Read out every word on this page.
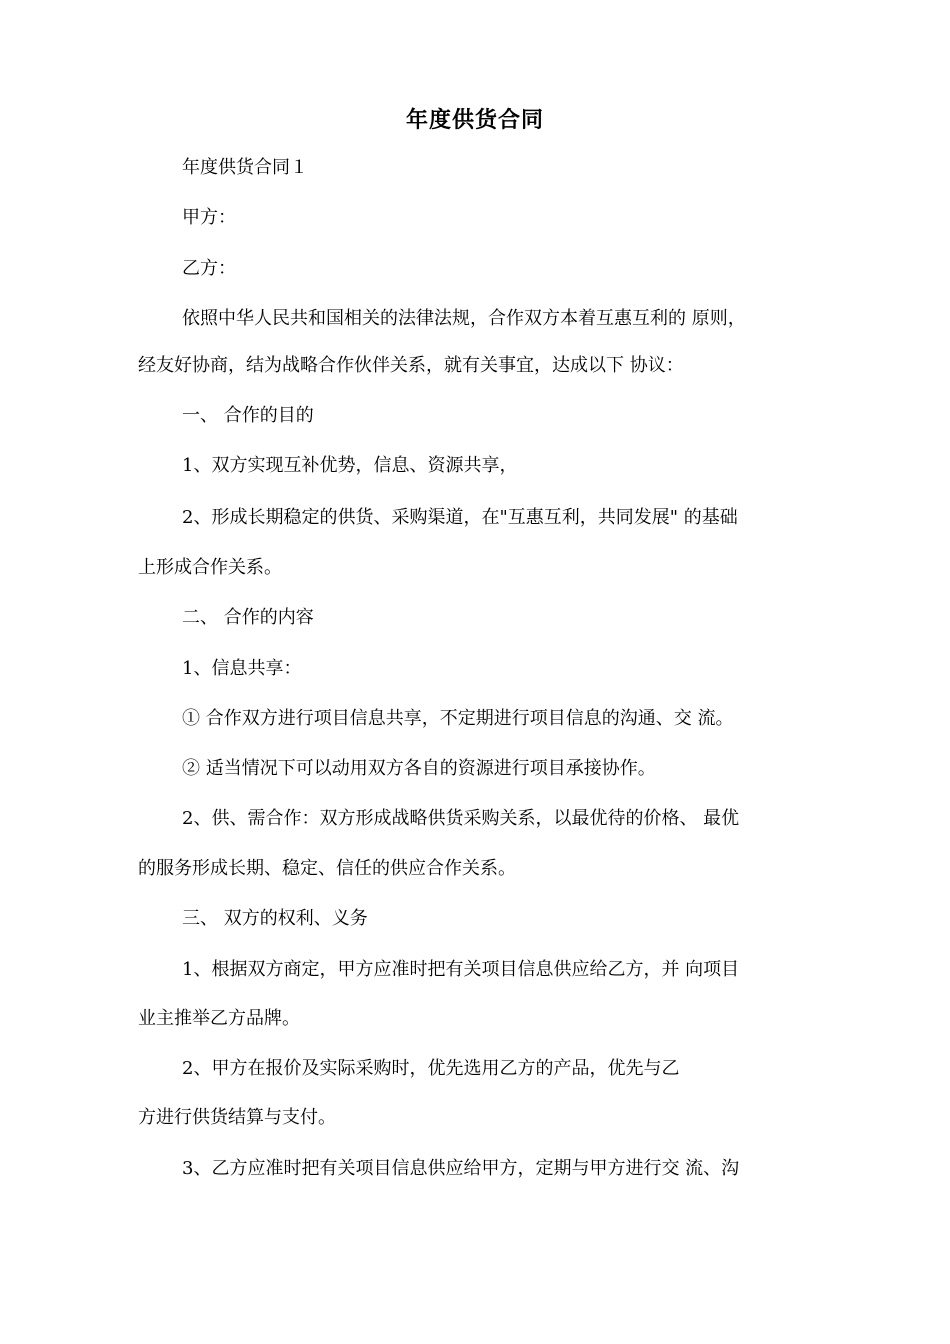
年度供货合同
年度供货合同１
甲方：
乙方：
依照中华人民共和国相关的法律法规，合作双方本着互惠互利的 原则，
经友好协商，结为战略合作伙伴关系，就有关事宜，达成以下 协议：
一、 合作的目的
1、双方实现互补优势，信息、资源共享，
2、形成长期稳定的供货、采购渠道，在"互惠互利，共同发展" 的基础
上形成合作关系。
二、 合作的内容
1、信息共享：
① 合作双方进行项目信息共享，不定期进行项目信息的沟通、交 流。
② 适当情况下可以动用双方各自的资源进行项目承接协作。
2、供、需合作：双方形成战略供货采购关系，以最优待的价格、 最优
的服务形成长期、稳定、信任的供应合作关系。
三、 双方的权利、义务
1、根据双方商定，甲方应准时把有关项目信息供应给乙方，并 向项目
业主推举乙方品牌。
2、甲方在报价及实际采购时，优先选用乙方的产品，优先与乙
方进行供货结算与支付。
3、乙方应准时把有关项目信息供应给甲方，定期与甲方进行交 流、沟
